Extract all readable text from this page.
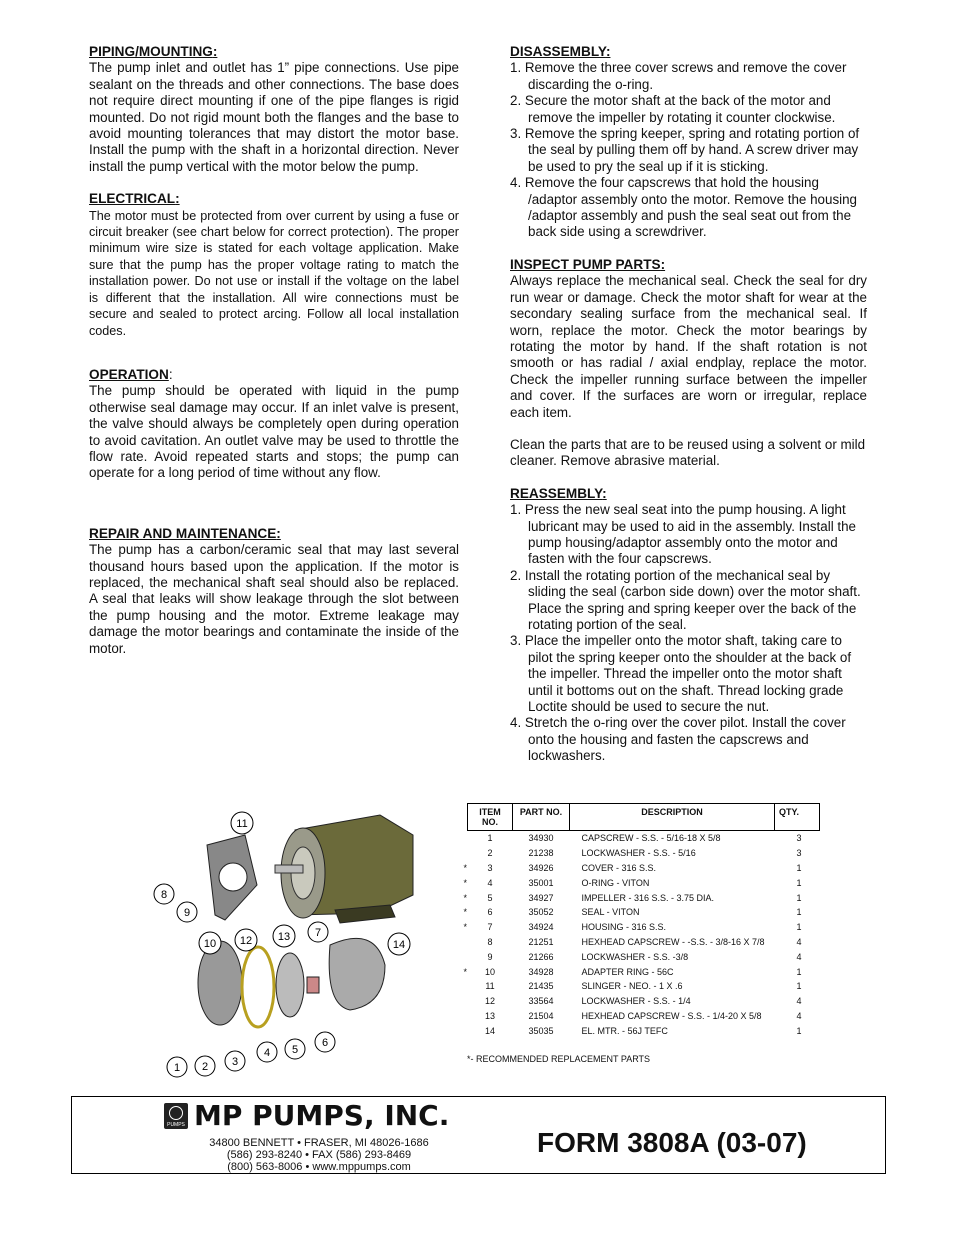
PIPING/MOUNTING:

The pump inlet and outlet has 1” pipe connections. Use pipe sealant on the threads and other connections. The base does not require direct mounting if one of the pipe flanges is rigid mounted. Do not rigid mount both the flanges and the base to avoid mounting tolerances that may distort the motor base. Install the pump with the shaft in a horizontal direction. Never install the pump vertical with the motor below the pump.

ELECTRICAL:

The motor must be protected from over current by using a fuse or circuit breaker (see chart below for correct protection). The proper minimum wire size is stated for each voltage application. Make sure that the pump has the proper voltage rating to match the installation power. Do not use or install if the voltage on the label is different that the installation. All wire connections must be secure and sealed to protect arcing. Follow all local installation codes.

OPERATION:

The pump should be operated with liquid in the pump otherwise seal damage may occur. If an inlet valve is present, the valve should always be completely open during operation to avoid cavitation. An outlet valve may be used to throttle the flow rate. Avoid repeated starts and stops; the pump can operate for a long period of time without any flow.

REPAIR AND MAINTENANCE:

The pump has a carbon/ceramic seal that may last several thousand hours based upon the application. If the motor is replaced, the mechanical shaft seal should also be replaced. A seal that leaks will show leakage through the slot between the pump housing and the motor. Extreme leakage may damage the motor bearings and contaminate the inside of the motor.

DISASSEMBLY:
1. Remove the three cover screws and remove the cover discarding the o-ring.
2. Secure the motor shaft at the back of the motor and remove the impeller by rotating it counter clockwise.
3. Remove the spring keeper, spring and rotating portion of the seal by pulling them off by hand. A screw driver may be used to pry the seal up if it is sticking.
4. Remove the four capscrews that hold the housing /adaptor assembly onto the motor. Remove the housing /adaptor assembly and push the seal seat out from the back side using a screwdriver.
INSPECT PUMP PARTS:

Always replace the mechanical seal. Check the seal for dry run wear or damage. Check the motor shaft for wear at the secondary sealing surface from the mechanical seal. If worn, replace the motor. Check the motor bearings by rotating the motor by hand. If the shaft rotation is not smooth or has radial / axial endplay, replace the motor. Check the impeller running surface between the impeller and cover. If the surfaces are worn or irregular, replace each item.

Clean the parts that are to be reused using a solvent or mild cleaner. Remove abrasive material.

REASSEMBLY:
1. Press the new seal seat into the pump housing. A light lubricant may be used to aid in the assembly. Install the pump housing/adaptor assembly onto the motor and fasten with the four capscrews.
2. Install the rotating portion of the mechanical seal by sliding the seal (carbon side down) over the motor shaft. Place the spring and spring keeper over the back of the rotating portion of the seal.
3. Place the impeller onto the motor shaft, taking care to pilot the spring keeper onto the shoulder at the back of the impeller. Thread the impeller onto the motor shaft until it bottoms out on the shaft. Thread locking grade Loctite should be used to secure the nut.
4. Stretch the o-ring over the cover pilot. Install the cover onto the housing and fasten the capscrews and lockwashers.
1 2 3
4 5
6
7
8
9
10
11
12 13
14
ITEM NO.	PART NO.	DESCRIPTION	QTY.

1	34930	CAPSCREW - S.S. - 5/16-18 X 5/8	3

2	21238	LOCKWASHER - S.S. - 5/16	3

* 3	34926	COVER - 316 S.S.	1

* 4	35001	O-RING - VITON	1

* 5	34927	IMPELLER - 316 S.S. - 3.75 DIA.	1

* 6	35052	SEAL - VITON	1

* 7	34924	HOUSING - 316 S.S.	1

8	21251	HEXHEAD CAPSCREW - -S.S. - 3/8-16 X 7/8	4

9	21266	LOCKWASHER - S.S. -3/8	4

* 10	34928	ADAPTER RING - 56C	1

11	21435	SLINGER - NEO. - 1 X .6	1

12	33564	LOCKWASHER - S.S. - 1/4	4

13	21504	HEXHEAD CAPSCREW - S.S. - 1/4-20 X 5/8	4

14	35035	EL. MTR. - 56J TEFC	1
*- RECOMMENDED REPLACEMENT PARTS
PUMPS MP PUMPS, INC.
34800 BENNETT • FRASER, MI 48026-1686
(586) 293-8240 • FAX (586) 293-8469
(800) 563-8006 • www.mppumps.com
FORM 3808A (03-07)
